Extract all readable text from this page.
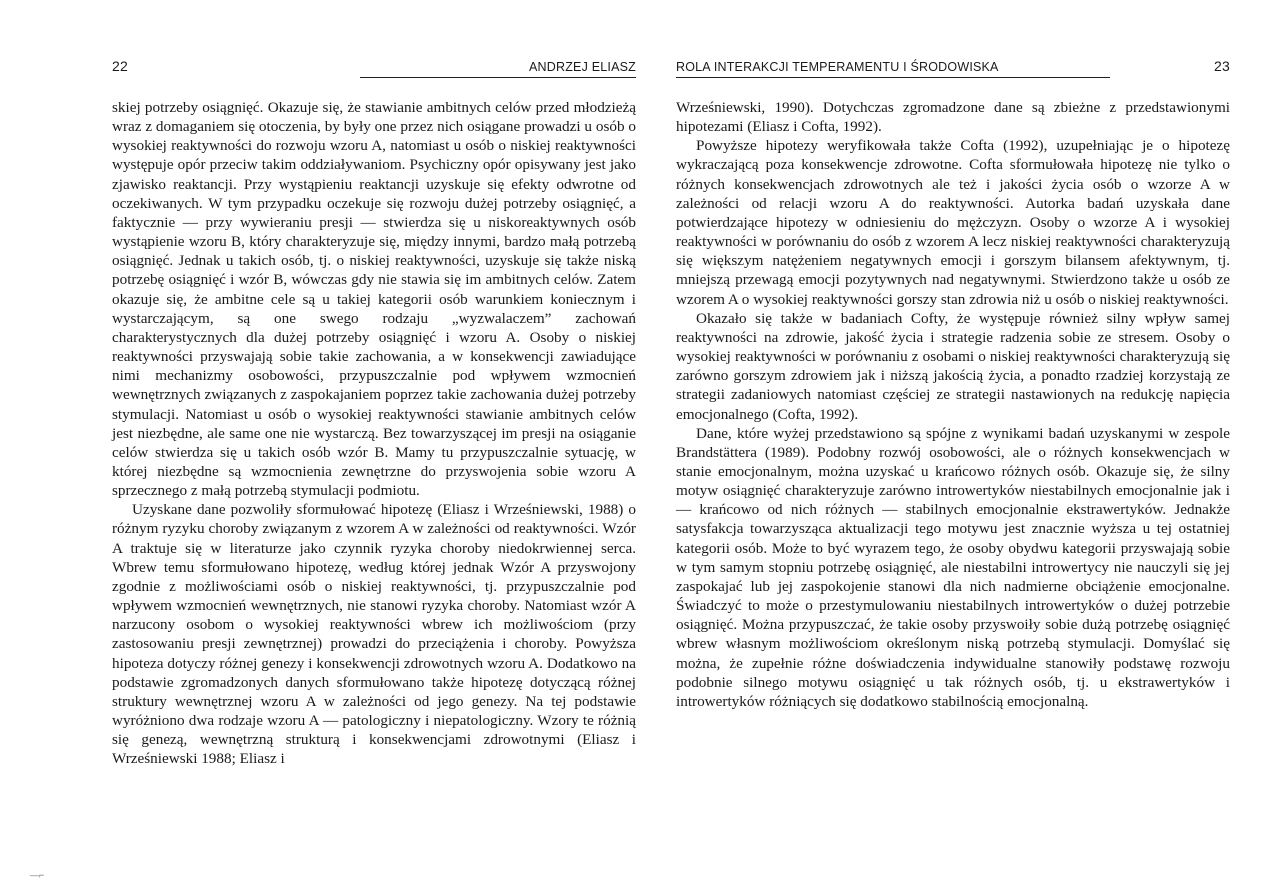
22	ANDRZEJ ELIASZ

skiej potrzeby osiągnięć. Okazuje się, że stawianie ambitnych celów przed młodzieżą wraz z domaganiem się otoczenia, by były one przez nich osiągane prowadzi u osób o wysokiej reaktywności do rozwoju wzoru A, natomiast u osób o niskiej reaktywności występuje opór przeciw takim oddziaływaniom. Psychiczny opór opisywany jest jako zjawisko reaktancji. Przy wystąpieniu reaktancji uzyskuje się efekty odwrotne od oczekiwanych. W tym przypadku oczekuje się rozwoju dużej potrzeby osiągnięć, a faktycznie — przy wywieraniu presji — stwierdza się u niskoreaktywnych osób wystąpienie wzoru B, który charakteryzuje się, między innymi, bardzo małą potrzebą osiągnięć. Jednak u takich osób, tj. o niskiej reaktywności, uzyskuje się także niską potrzebę osiągnięć i wzór B, wówczas gdy nie stawia się im ambitnych celów. Zatem okazuje się, że ambitne cele są u takiej kategorii osób warunkiem koniecznym i wystarczającym, są one swego rodzaju „wyzwalaczem” zachowań charakterystycznych dla dużej potrzeby osiągnięć i wzoru A. Osoby o niskiej reaktywności przyswajają sobie takie zachowania, a w konsekwencji zawiadujące nimi mechanizmy osobowości, przypuszczalnie pod wpływem wzmocnień wewnętrznych związanych z zaspokajaniem poprzez takie zachowania dużej potrzeby stymulacji. Natomiast u osób o wysokiej reaktywności stawianie ambitnych celów jest niezbędne, ale same one nie wystarczą. Bez towarzyszącej im presji na osiąganie celów stwierdza się u takich osób wzór B. Mamy tu przypuszczalnie sytuację, w której niezbędne są wzmocnienia zewnętrzne do przyswojenia sobie wzoru A sprzecznego z małą potrzebą stymulacji podmiotu.

Uzyskane dane pozwoliły sformułować hipotezę (Eliasz i Wrześniewski, 1988) o różnym ryzyku choroby związanym z wzorem A w zależności od reaktywności. Wzór A traktuje się w literaturze jako czynnik ryzyka choroby niedokrwiennej serca. Wbrew temu sformułowano hipotezę, według której jednak Wzór A przyswojony zgodnie z możliwościami osób o niskiej reaktywności, tj. przypuszczalnie pod wpływem wzmocnień wewnętrznych, nie stanowi ryzyka choroby. Natomiast wzór A narzucony osobom o wysokiej reaktywności wbrew ich możliwościom (przy zastosowaniu presji zewnętrznej) prowadzi do przeciążenia i choroby. Powyższa hipoteza dotyczy różnej genezy i konsekwencji zdrowotnych wzoru A. Dodatkowo na podstawie zgromadzonych danych sformułowano także hipotezę dotyczącą różnej struktury wewnętrznej wzoru A w zależności od jego genezy. Na tej podstawie wyróżniono dwa rodzaje wzoru A — patologiczny i niepatologiczny. Wzory te różnią się genezą, wewnętrzną strukturą i konsekwencjami zdrowotnymi (Eliasz i Wrześniewski 1988; Eliasz i

—⌐
ROLA INTERAKCJI TEMPERAMENTU I ŚRODOWISKA	23

Wrześniewski, 1990). Dotychczas zgromadzone dane są zbieżne z przedstawionymi hipotezami (Eliasz i Cofta, 1992).

Powyższe hipotezy weryfikowała także Cofta (1992), uzupełniając je o hipotezę wykraczającą poza konsekwencje zdrowotne. Cofta sformułowała hipotezę nie tylko o różnych konsekwencjach zdrowotnych ale też i jakości życia osób o wzorze A w zależności od relacji wzoru A do reaktywności. Autorka badań uzyskała dane potwierdzające hipotezy w odniesieniu do mężczyzn. Osoby o wzorze A i wysokiej reaktywności w porównaniu do osób z wzorem A lecz niskiej reaktywności charakteryzują się większym natężeniem negatywnych emocji i gorszym bilansem afektywnym, tj. mniejszą przewagą emocji pozytywnych nad negatywnymi. Stwierdzono także u osób ze wzorem A o wysokiej reaktywności gorszy stan zdrowia niż u osób o niskiej reaktywności.

Okazało się także w badaniach Cofty, że występuje również silny wpływ samej reaktywności na zdrowie, jakość życia i strategie radzenia sobie ze stresem. Osoby o wysokiej reaktywności w porównaniu z osobami o niskiej reaktywności charakteryzują się zarówno gorszym zdrowiem jak i niższą jakością życia, a ponadto rzadziej korzystają ze strategii zadaniowych natomiast częściej ze strategii nastawionych na redukcję napięcia emocjonalnego (Cofta, 1992).

Dane, które wyżej przedstawiono są spójne z wynikami badań uzyskanymi w zespole Brandstättera (1989). Podobny rozwój osobowości, ale o różnych konsekwencjach w stanie emocjonalnym, można uzyskać u krańcowo różnych osób. Okazuje się, że silny motyw osiągnięć charakteryzuje zarówno introwertyków niestabilnych emocjonalnie jak i — krańcowo od nich różnych — stabilnych emocjonalnie ekstrawertyków. Jednakże satysfakcja towarzysząca aktualizacji tego motywu jest znacznie wyższa u tej ostatniej kategorii osób. Może to być wyrazem tego, że osoby obydwu kategorii przyswajają sobie w tym samym stopniu potrzebę osiągnięć, ale niestabilni introwertycy nie nauczyli się jej zaspokajać lub jej zaspokojenie stanowi dla nich nadmierne obciążenie emocjonalne. Świadczyć to może o przestymulowaniu niestabilnych introwertyków o dużej potrzebie osiągnięć. Można przypuszczać, że takie osoby przyswoiły sobie dużą potrzebę osiągnięć wbrew własnym możliwościom określonym niską potrzebą stymulacji. Domyślać się można, że zupełnie różne doświadczenia indywidualne stanowiły podstawę rozwoju podobnie silnego motywu osiągnięć u tak różnych osób, tj. u ekstrawertyków i introwertyków różniących się dodatkowo stabilnością emocjonalną.
